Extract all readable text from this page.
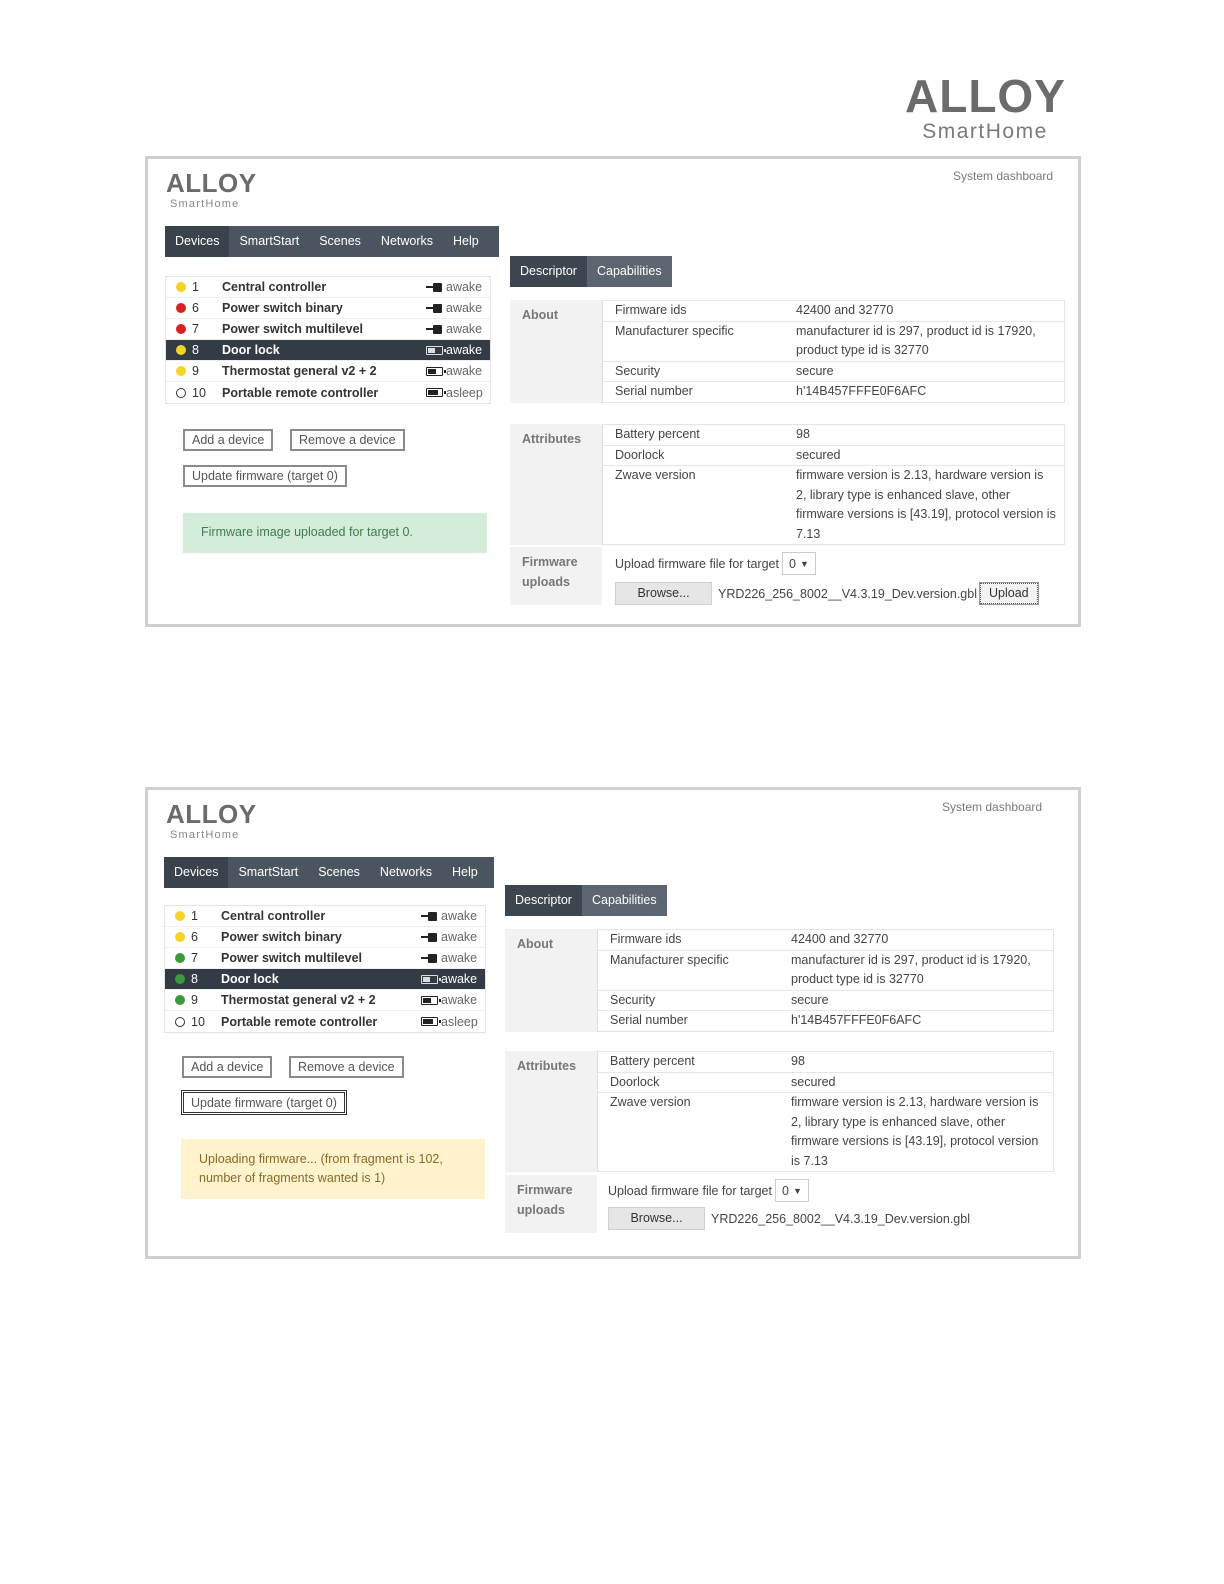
ALLOY
SmartHome
ALLOY
SmartHome
System dashboard
Devices	SmartStart	Scenes	Networks	Help
1	Central controller	awake
6	Power switch binary	awake
7	Power switch multilevel	awake
8	Door lock	awake
9	Thermostat general v2 + 2	awake
10	Portable remote controller	asleep
Add a device	Remove a device
Update firmware (target 0)
Firmware image uploaded for target 0.
Descriptor	Capabilities
About	Firmware ids	42400 and 32770
Manufacturer specific	manufacturer id is 297, product id is 17920, product type id is 32770
Security	secure
Serial number	h'14B457FFFE0F6AFC
Attributes	Battery percent	98
Doorlock	secured
Zwave version	firmware version is 2.13, hardware version is 2, library type is enhanced slave, other firmware versions is [43.19], protocol version is 7.13
Firmware uploads
Upload firmware file for target 0 ▼
Browse...	YRD226_256_8002__V4.3.19_Dev.version.gbl Upload
ALLOY
SmartHome
System dashboard
Devices	SmartStart	Scenes	Networks	Help
1	Central controller	awake
6	Power switch binary	awake
7	Power switch multilevel	awake
8	Door lock	awake
9	Thermostat general v2 + 2	awake
10	Portable remote controller	asleep
Add a device	Remove a device
Update firmware (target 0)
Uploading firmware... (from fragment is 102, number of fragments wanted is 1)
Descriptor	Capabilities
About	Firmware ids	42400 and 32770
Manufacturer specific	manufacturer id is 297, product id is 17920, product type id is 32770
Security	secure
Serial number	h'14B457FFFE0F6AFC
Attributes	Battery percent	98
Doorlock	secured
Zwave version	firmware version is 2.13, hardware version is 2, library type is enhanced slave, other firmware versions is [43.19], protocol version is 7.13
Firmware uploads
Upload firmware file for target 0 ▼
Browse...	YRD226_256_8002__V4.3.19_Dev.version.gbl
